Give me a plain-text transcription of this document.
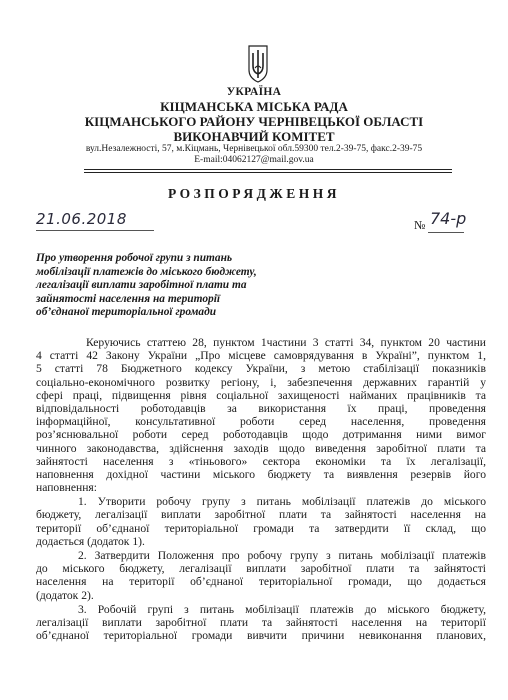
УКРАЇНА
КІЦМАНСЬКА МІСЬКА РАДА
КІЦМАНСЬКОГО РАЙОНУ ЧЕРНІВЕЦЬКОЇ ОБЛАСТІ
ВИКОНАВЧИЙ КОМІТЕТ
вул.Незалежності, 57, м.Кіцмань, Чернівецької обл.59300 тел.2-39-75, факс.2-39-75
E-mail:04062127@mail.gov.ua
РОЗПОРЯДЖЕННЯ
21.06.2018	№ 74-р
Про утворення робочої групи з питань
мобілізації платежів до міського бюджету,
легалізації виплати заробітної плати та
зайнятості населення на території
об’єднаної територіальної громади
Керуючись статтею 28, пунктом 1частини 3 статті 34, пунктом 20 частини
4 статті 42 Закону України „Про місцеве самоврядування в Україні”, пунктом 1,
5 статті 78 Бюджетного кодексу України, з метою стабілізації показників
соціально-економічного розвитку регіону, і, забезпечення державних гарантій у
сфері праці, підвищення рівня соціальної захищеності найманих працівників та
відповідальності роботодавців за використання їх праці, проведення
інформаційної, консультативної роботи серед населення, проведення
роз’яснювальної роботи серед роботодавців щодо дотримання ними вимог
чинного законодавства, здійснення заходів щодо виведення заробітної плати та
зайнятості населення з «тіньового» сектора економіки та їх легалізації,
наповнення дохідної частини міського бюджету та виявлення резервів його
наповнення:
1. Утворити робочу групу з питань мобілізації платежів до міського
бюджету, легалізації виплати заробітної плати та зайнятості населення на
території об’єднаної територіальної громади та затвердити її склад, що
додається (додаток 1).
2. Затвердити Положення про робочу групу з питань мобілізації платежів
до міського бюджету, легалізації виплати заробітної плати та зайнятості
населення на території об’єднаної територіальної громади, що додається
(додаток 2).
3. Робочій групі з питань мобілізації платежів до міського бюджету,
легалізації виплати заробітної плати та зайнятості населення на території
об’єднаної територіальної громади вивчити причини невиконання планових,
